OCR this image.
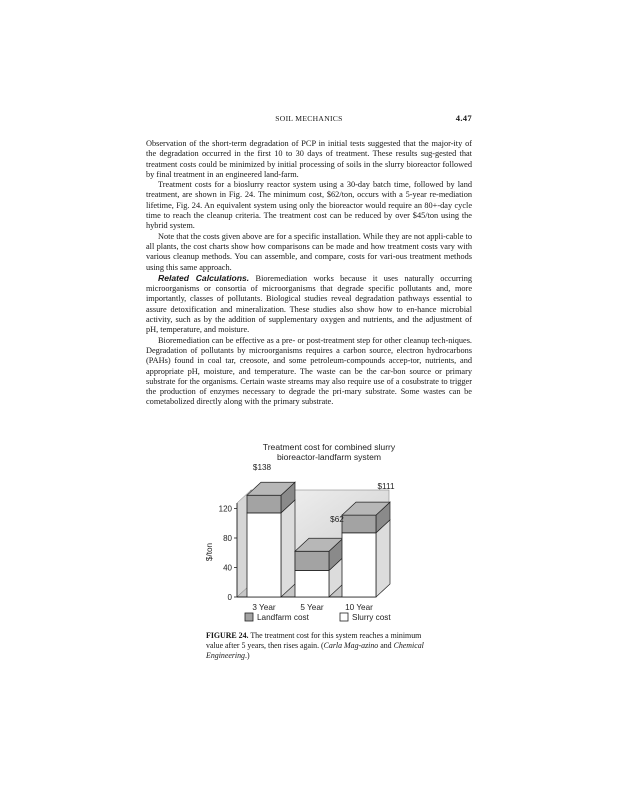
SOIL MECHANICS	4.47

Observation of the short-term degradation of PCP in initial tests suggested that the major-ity of the degradation occurred in the first 10 to 30 days of treatment. These results sug-gested that treatment costs could be minimized by initial processing of soils in the slurry bioreactor followed by final treatment in an engineered land-farm.

Treatment costs for a bioslurry reactor system using a 30-day batch time, followed by land treatment, are shown in Fig. 24. The minimum cost, $62/ton, occurs with a 5-year re-mediation lifetime, Fig. 24. An equivalent system using only the bioreactor would require an 80+-day cycle time to reach the cleanup criteria. The treatment cost can be reduced by over $45/ton using the hybrid system.

Note that the costs given above are for a specific installation. While they are not appli-cable to all plants, the cost charts show how comparisons can be made and how treatment costs vary with various cleanup methods. You can assemble, and compare, costs for vari-ous treatment methods using this same approach.

Related Calculations. Bioremediation works because it uses naturally occurring microorganisms or consortia of microorganisms that degrade specific pollutants and, more importantly, classes of pollutants. Biological studies reveal degradation pathways essential to assure detoxification and mineralization. These studies also show how to en-hance microbial activity, such as by the addition of supplementary oxygen and nutrients, and the adjustment of pH, temperature, and moisture.

Bioremediation can be effective as a pre- or post-treatment step for other cleanup tech-niques. Degradation of pollutants by microorganisms requires a carbon source, electron hydrocarbons (PAHs) found in coal tar, creosote, and some petroleum-compounds accep-tor, nutrients, and appropriate pH, moisture, and temperature. The waste can be the car-bon source or primary substrate for the organisms. Certain waste streams may also require use of a cosubstrate to trigger the production of enzymes necessary to degrade the pri-mary substrate. Some wastes can be cometabolized directly along with the primary substrate.

Treatment cost for combined slurry
bioreactor-landfarm system
0
40
80
120
3 Year	5 Year	10 Year
$138
$62
$111
$/ton
Landfarm cost	Slurry cost
FIGURE 24. The treatment cost for this system reaches a minimum value after 5 years, then rises again. (Carla Mag-azino and Chemical Engineering.)
